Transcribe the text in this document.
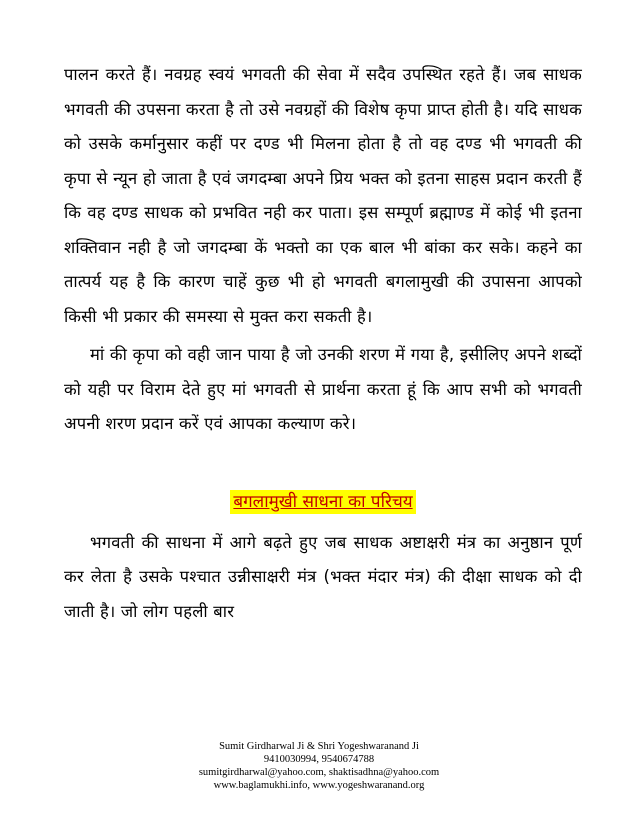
पालन करते हैं। नवग्रह स्वयं भगवती की सेवा में सदैव उपस्थित रहते हैं। जब साधक भगवती की उपसना करता है तो उसे नवग्रहों की विशेष कृपा प्राप्त होती है। यदि साधक को उसके कर्मानुसार कहीं पर दण्ड भी मिलना होता है तो वह दण्ड भी भगवती की कृपा से न्यून हो जाता है एवं जगदम्बा अपने प्रिय भक्त को इतना साहस प्रदान करती हैं कि वह दण्ड साधक को प्रभवित नही कर पाता। इस सम्पूर्ण ब्रह्माण्ड में कोई भी इतना शक्तिवान नही है जो जगदम्बा कें भक्तो का एक बाल भी बांका कर सके। कहने का तात्पर्य यह है कि कारण चाहें कुछ भी हो भगवती बगलामुखी की उपासना आपको किसी भी प्रकार की समस्या से मुक्त करा सकती है।

मां की कृपा को वही जान पाया है जो उनकी शरण में गया है, इसीलिए अपने शब्दों को यही पर विराम देते हुए मां भगवती से प्रार्थना करता हूं कि आप सभी को भगवती अपनी शरण प्रदान करें एवं आपका कल्याण करे।

बगलामुखी साधना का परिचय

भगवती की साधना में आगे बढ़ते हुए जब साधक अष्टाक्षरी मंत्र का अनुष्ठान पूर्ण कर लेता है उसके पश्चात उन्नीसाक्षरी मंत्र (भक्त मंदार मंत्र) की दीक्षा साधक को दी जाती है। जो लोग पहली बार

Sumit Girdharwal Ji & Shri Yogeshwaranand Ji
9410030994, 9540674788
sumitgirdharwal@yahoo.com, shaktisadhna@yahoo.com
www.baglamukhi.info, www.yogeshwaranand.org
